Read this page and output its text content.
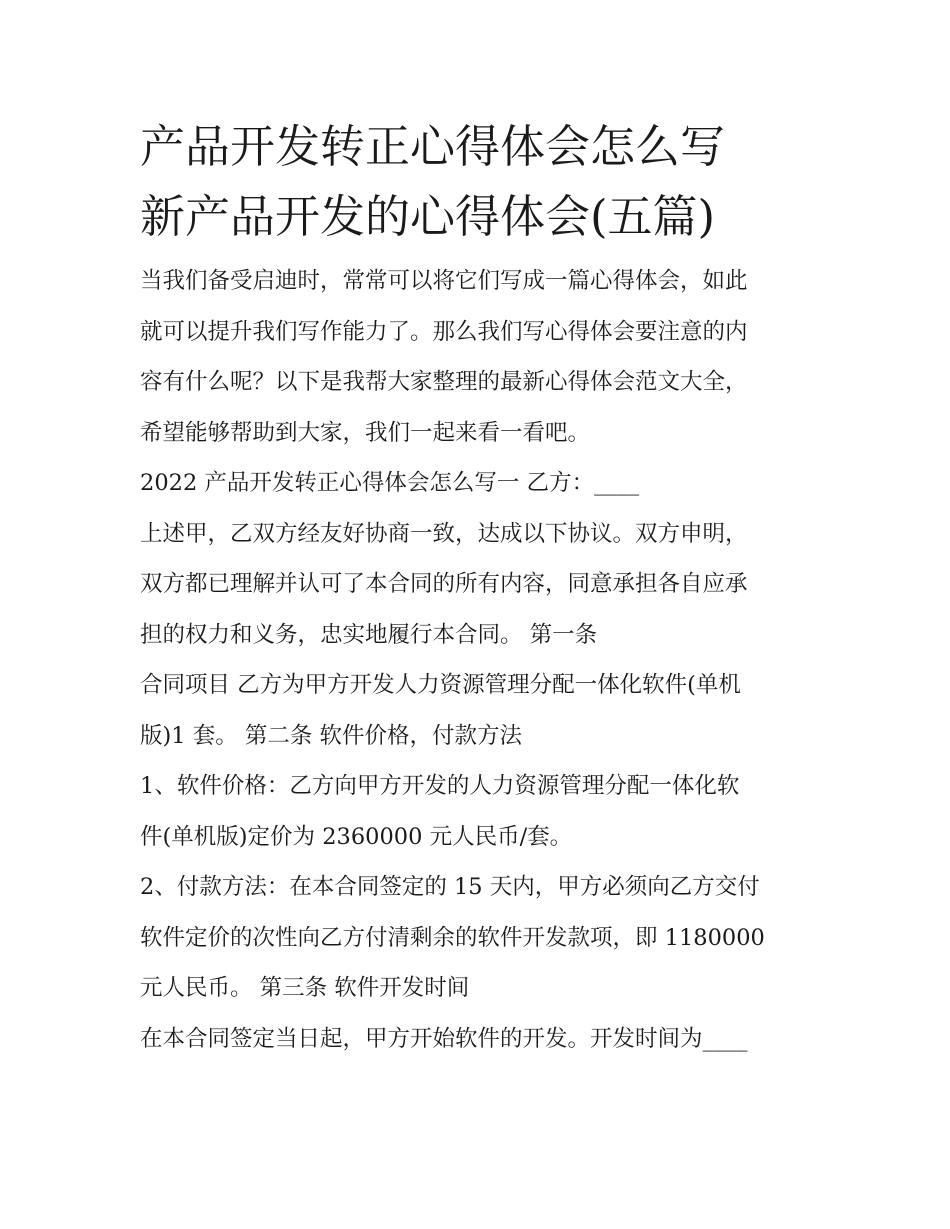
产品开发转正心得体会怎么写
新产品开发的心得体会(五篇)

当我们备受启迪时，常常可以将它们写成一篇心得体会，如此
就可以提升我们写作能力了。那么我们写心得体会要注意的内
容有什么呢？以下是我帮大家整理的最新心得体会范文大全，
希望能够帮助到大家，我们一起来看一看吧。

2022 产品开发转正心得体会怎么写一 乙方：____

上述甲，乙双方经友好协商一致，达成以下协议。双方申明，
双方都已理解并认可了本合同的所有内容，同意承担各自应承
担的权力和义务，忠实地履行本合同。 第一条

合同项目 乙方为甲方开发人力资源管理分配一体化软件(单机
版)1 套。 第二条 软件价格，付款方法

1、软件价格：乙方向甲方开发的人力资源管理分配一体化软
件(单机版)定价为 2360000 元人民币/套。

2、付款方法：在本合同签定的 15 天内，甲方必须向乙方交付
软件定价的次性向乙方付清剩余的软件开发款项，即 1180000
元人民币。 第三条 软件开发时间

在本合同签定当日起，甲方开始软件的开发。开发时间为____
